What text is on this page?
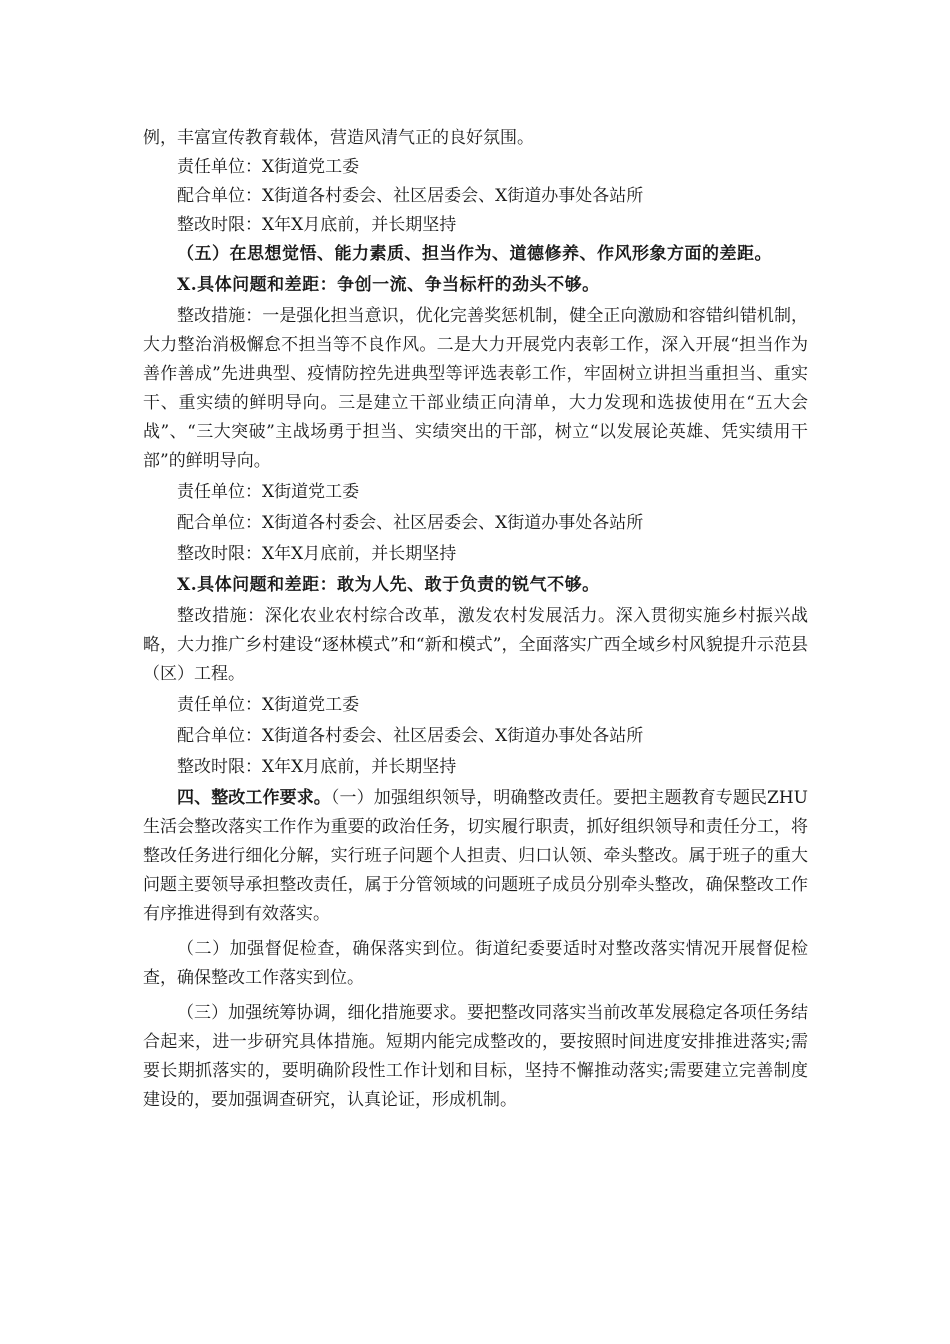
例，丰富宣传教育载体，营造风清气正的良好氛围。

责任单位：X街道党工委

配合单位：X街道各村委会、社区居委会、X街道办事处各站所

整改时限：X年X月底前，并长期坚持

（五）在思想觉悟、能力素质、担当作为、道德修养、作风形象方面的差距。

X.具体问题和差距：争创一流、争当标杆的劲头不够。

整改措施：一是强化担当意识，优化完善奖惩机制，健全正向激励和容错纠错机制，大力整治消极懈怠不担当等不良作风。二是大力开展党内表彰工作，深入开展“担当作为善作善成”先进典型、疫情防控先进典型等评选表彰工作，牢固树立讲担当重担当、重实干、重实绩的鲜明导向。三是建立干部业绩正向清单，大力发现和选拔使用在“五大会战”、“三大突破”主战场勇于担当、实绩突出的干部，树立“以发展论英雄、凭实绩用干部”的鲜明导向。

责任单位：X街道党工委

配合单位：X街道各村委会、社区居委会、X街道办事处各站所

整改时限：X年X月底前，并长期坚持

X.具体问题和差距：敢为人先、敢于负责的锐气不够。

整改措施：深化农业农村综合改革，激发农村发展活力。深入贯彻实施乡村振兴战略，大力推广乡村建设“逐林模式”和“新和模式”，全面落实广西全域乡村风貌提升示范县（区）工程。

责任单位：X街道党工委

配合单位：X街道各村委会、社区居委会、X街道办事处各站所

整改时限：X年X月底前，并长期坚持

四、整改工作要求。（一）加强组织领导，明确整改责任。要把主题教育专题民ZHU生活会整改落实工作作为重要的政治任务，切实履行职责，抓好组织领导和责任分工，将整改任务进行细化分解，实行班子问题个人担责、归口认领、牵头整改。属于班子的重大问题主要领导承担整改责任，属于分管领域的问题班子成员分别牵头整改，确保整改工作有序推进得到有效落实。

（二）加强督促检查，确保落实到位。街道纪委要适时对整改落实情况开展督促检查，确保整改工作落实到位。

（三）加强统筹协调，细化措施要求。要把整改同落实当前改革发展稳定各项任务结合起来，进一步研究具体措施。短期内能完成整改的，要按照时间进度安排推进落实;需要长期抓落实的，要明确阶段性工作计划和目标，坚持不懈推动落实;需要建立完善制度建设的，要加强调查研究，认真论证，形成机制。
